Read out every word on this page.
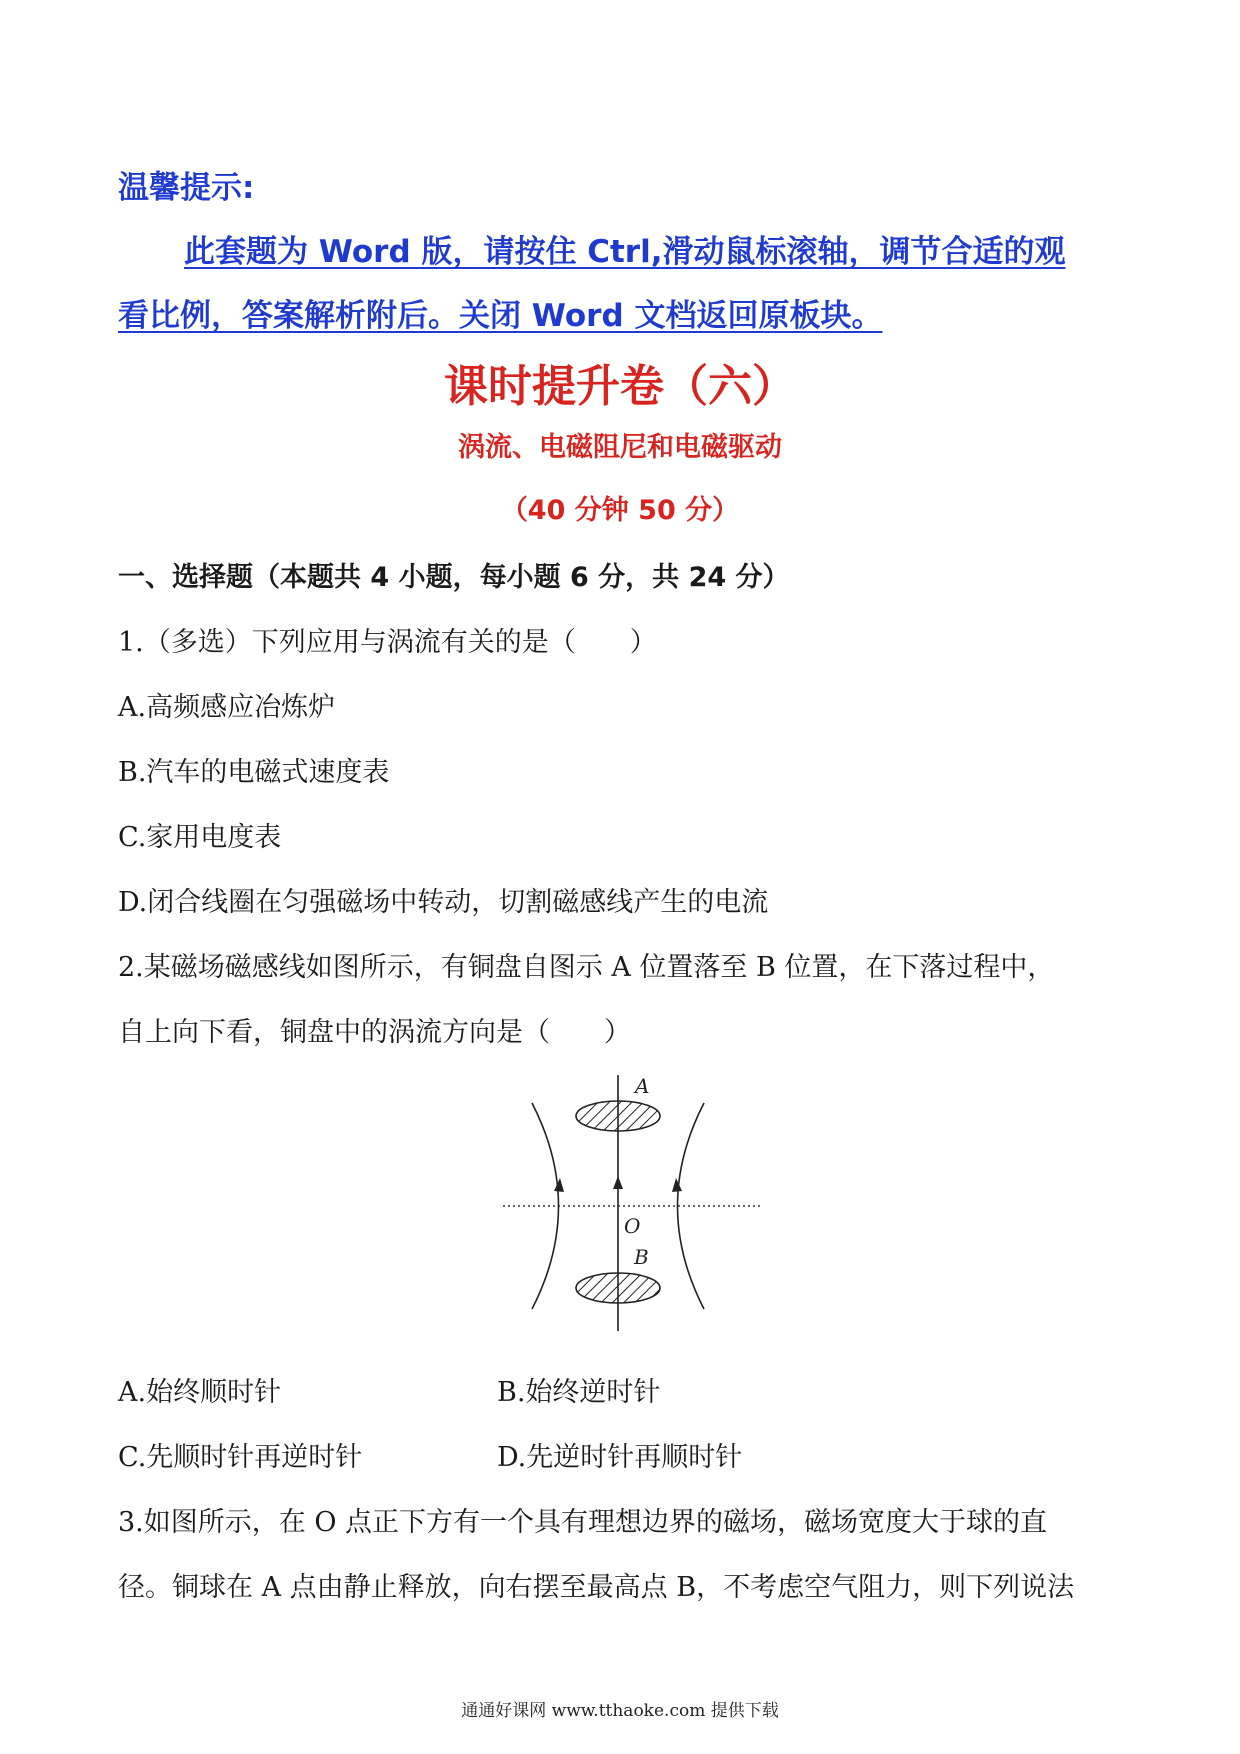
温馨提示:
此套题为 Word 版，请按住 Ctrl,滑动鼠标滚轴，调节合适的观
看比例，答案解析附后。关闭 Word 文档返回原板块。
课时提升卷（六）
涡流、电磁阻尼和电磁驱动
（40 分钟 50 分）
一、选择题（本题共 4 小题，每小题 6 分，共 24 分）
1.（多选）下列应用与涡流有关的是（　　）
A.高频感应冶炼炉
B.汽车的电磁式速度表
C.家用电度表
D.闭合线圈在匀强磁场中转动，切割磁感线产生的电流
2.某磁场磁感线如图所示，有铜盘自图示 A 位置落至 B 位置，在下落过程中，
自上向下看，铜盘中的涡流方向是（　　）
A
O
B
A.始终顺时针	B.始终逆时针
C.先顺时针再逆时针	D.先逆时针再顺时针
3.如图所示，在 O 点正下方有一个具有理想边界的磁场，磁场宽度大于球的直
径。铜球在 A 点由静止释放，向右摆至最高点 B，不考虑空气阻力，则下列说法
通通好课网 www.tthaoke.com 提供下载
